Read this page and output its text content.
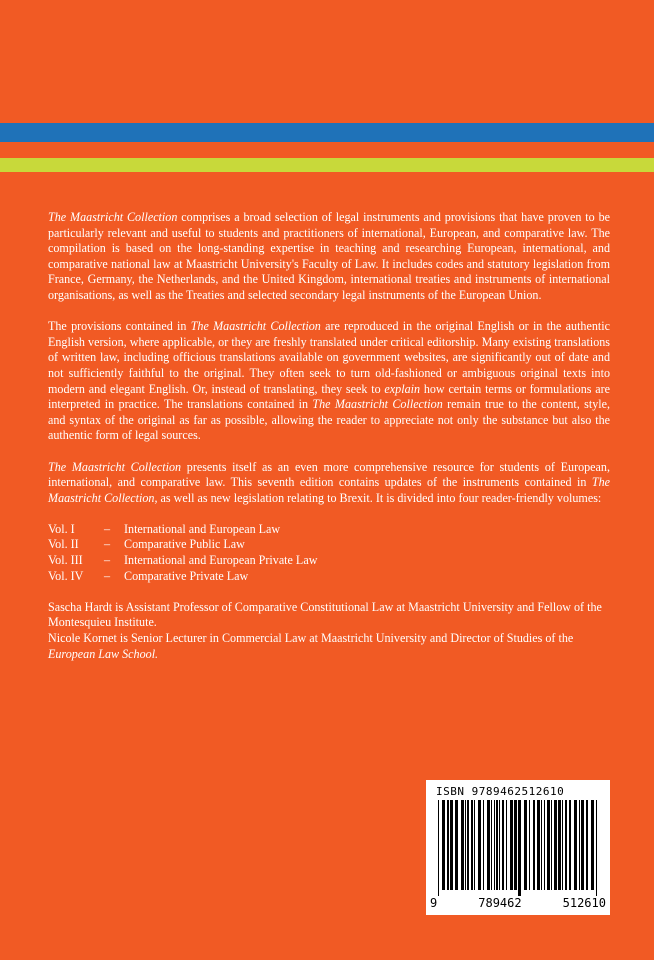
The Maastricht Collection comprises a broad selection of legal instruments and provisions that have proven to be particularly relevant and useful to students and practitioners of international, European, and comparative law. The compilation is based on the long-standing expertise in teaching and researching European, international, and comparative national law at Maastricht University's Faculty of Law. It includes codes and statutory legislation from France, Germany, the Netherlands, and the United Kingdom, international treaties and instruments of international organisations, as well as the Treaties and selected secondary legal instruments of the European Union.

The provisions contained in The Maastricht Collection are reproduced in the original English or in the authentic English version, where applicable, or they are freshly translated under critical editorship. Many existing translations of written law, including officious translations available on government websites, are significantly out of date and not sufficiently faithful to the original. They often seek to turn old-fashioned or ambiguous original texts into modern and elegant English. Or, instead of translating, they seek to explain how certain terms or formulations are interpreted in practice. The translations contained in The Maastricht Collection remain true to the content, style, and syntax of the original as far as possible, allowing the reader to appreciate not only the substance but also the authentic form of legal sources.

The Maastricht Collection presents itself as an even more comprehensive resource for students of European, international, and comparative law. This seventh edition contains updates of the instruments contained in The Maastricht Collection, as well as new legislation relating to Brexit. It is divided into four reader-friendly volumes:

Vol. I	–	International and European Law
Vol. II	–	Comparative Public Law
Vol. III	–	International and European Private Law
Vol. IV	–	Comparative Private Law

Sascha Hardt is Assistant Professor of Comparative Constitutional Law at Maastricht University and Fellow of the Montesquieu Institute.

Nicole Kornet is Senior Lecturer in Commercial Law at Maastricht University and Director of Studies of the European Law School.

ISBN 9789462512610
9	789462	512610
